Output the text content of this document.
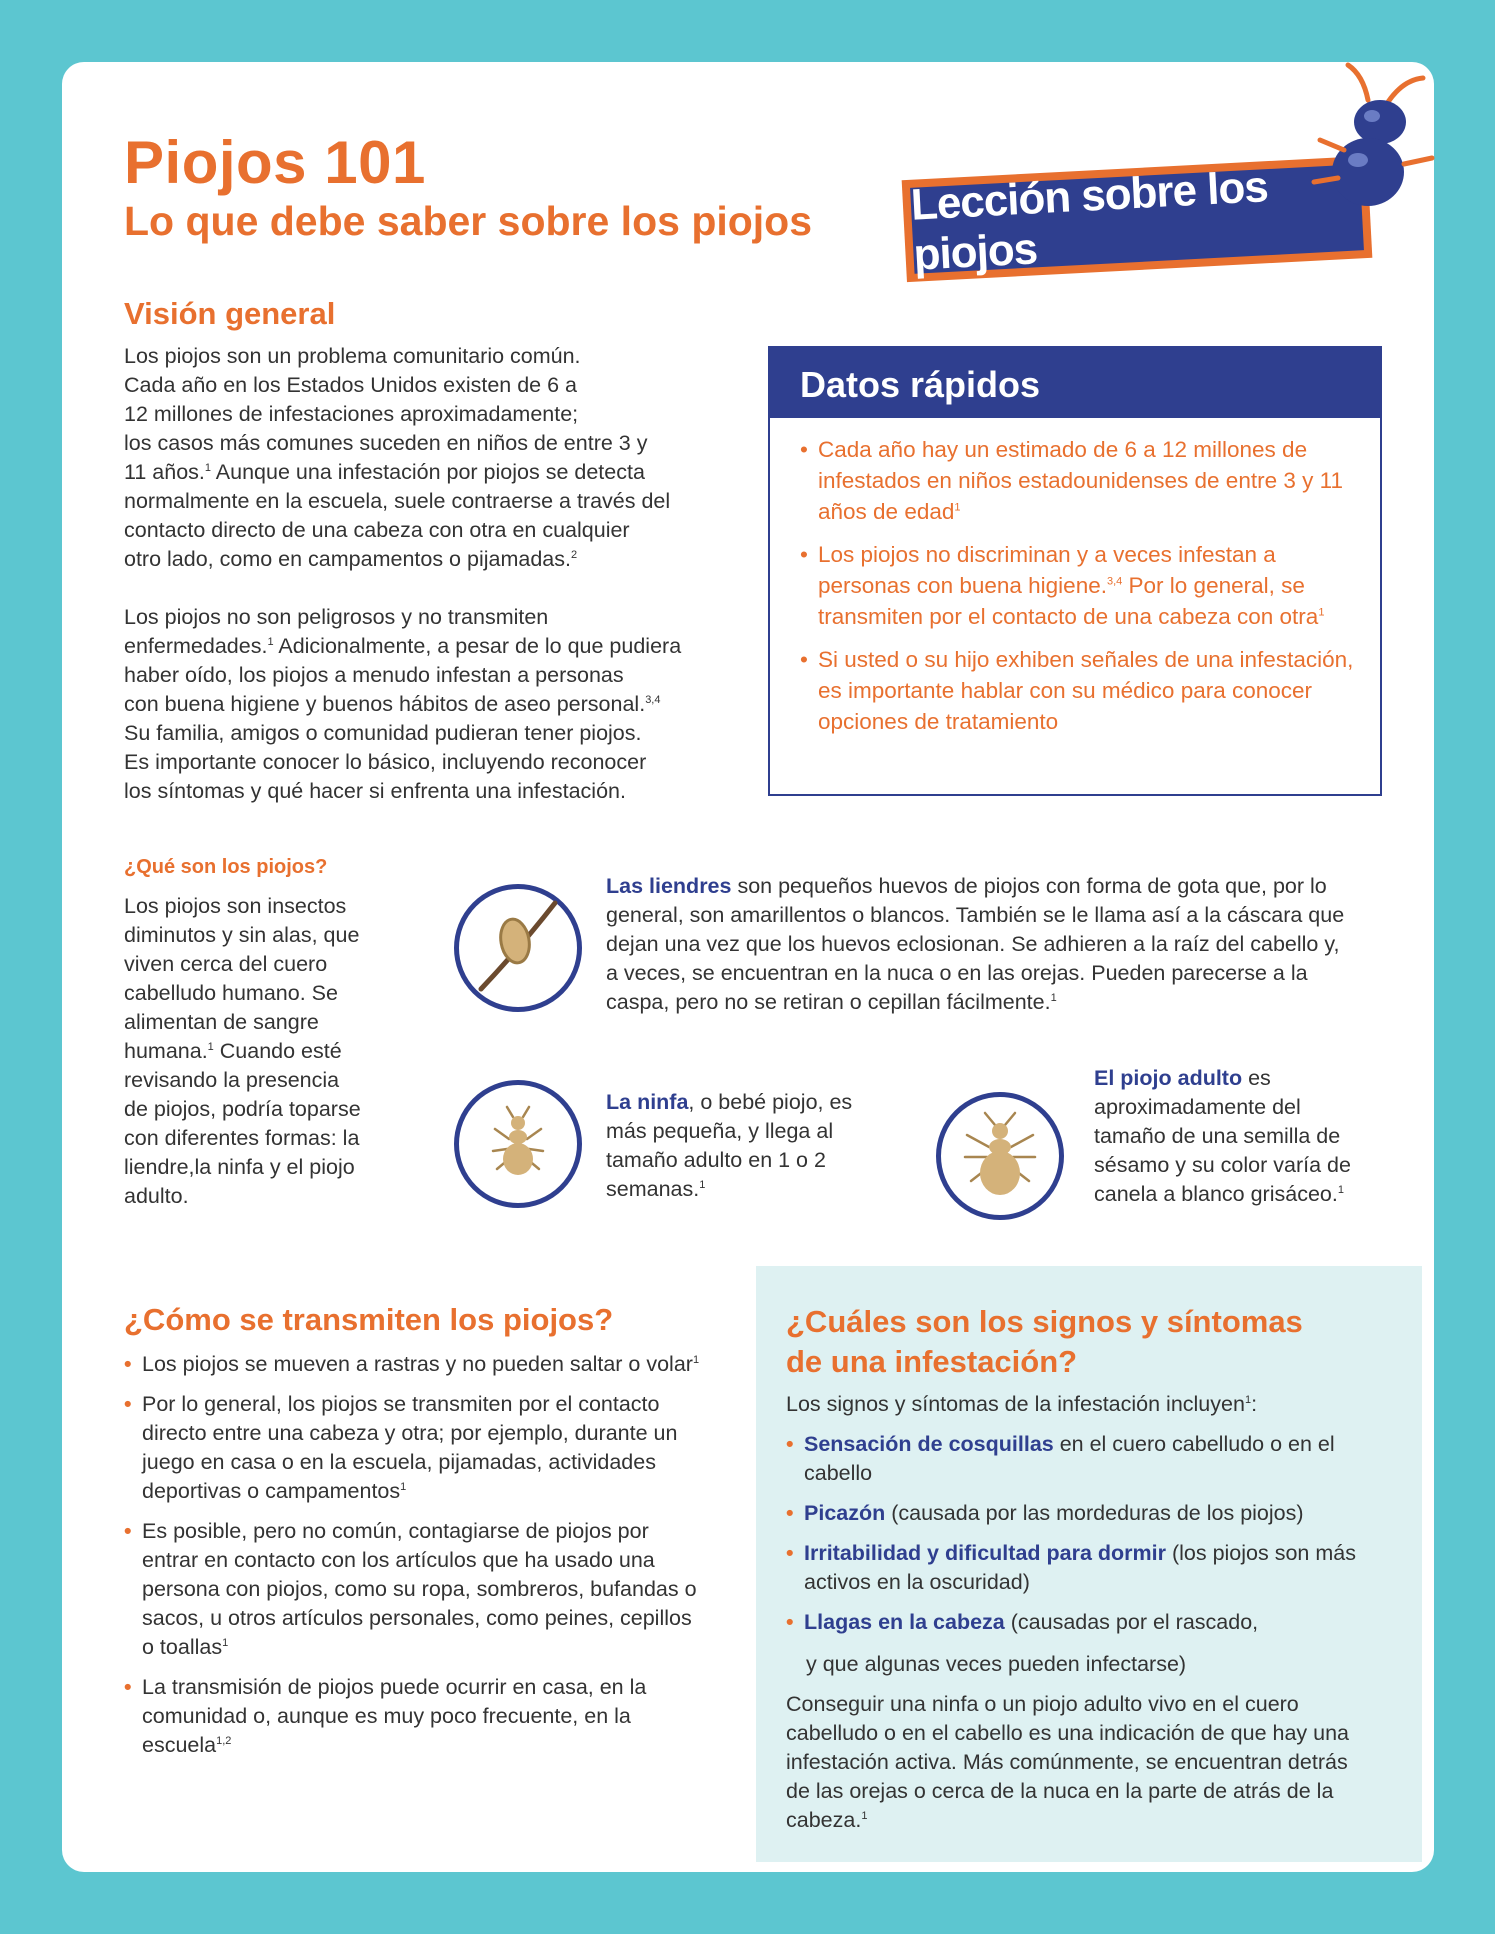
Piojos 101
Lo que debe saber sobre los piojos Lección sobre los piojos
Visión general

Los piojos son un problema comunitario común.
Cada año en los Estados Unidos existen de 6 a
12 millones de infestaciones aproximadamente;
los casos más comunes suceden en niños de entre 3 y
11 años.$^1$ Aunque una infestación por piojos se detecta
normalmente en la escuela, suele contraerse a través del
contacto directo de una cabeza con otra en cualquier
otro lado, como en campamentos o pijamadas.$^2$

Los piojos no son peligrosos y no transmiten
enfermedades.$^1$ Adicionalmente, a pesar de lo que pudiera
haber oído, los piojos a menudo infestan a personas
con buena higiene y buenos hábitos de aseo personal.$^{3,4}$
Su familia, amigos o comunidad pudieran tener piojos.
Es importante conocer lo básico, incluyendo reconocer
los síntomas y qué hacer si enfrenta una infestación.

Datos rápidos
• Cada año hay un estimado de 6 a 12 millones de infestados en niños estadounidenses de entre 3 y 11 años de edad$^1$
• Los piojos no discriminan y a veces infestan a personas con buena higiene.$^{3,4}$ Por lo general, se transmiten por el contacto de una cabeza con otra$^1$
• Si usted o su hijo exhiben señales de una infestación, es importante hablar con su médico para conocer opciones de tratamiento
¿Qué son los piojos?
Los piojos son insectos
diminutos y sin alas, que
viven cerca del cuero
cabelludo humano. Se
alimentan de sangre
humana.$^1$ Cuando esté
revisando la presencia
de piojos, podría toparse
con diferentes formas: la
liendre,la ninfa y el piojo
adulto.
Las liendres son pequeños huevos de piojos con forma de gota que, por lo general, son amarillentos o blancos. También se le llama así a la cáscara que dejan una vez que los huevos eclosionan. Se adhieren a la raíz del cabello y, a veces, se encuentran en la nuca o en las orejas. Pueden parecerse a la caspa, pero no se retiran o cepillan fácilmente.$^1$
La ninfa, o bebé piojo, es más pequeña, y llega al tamaño adulto en 1 o 2 semanas.$^1$
El piojo adulto es aproximadamente del tamaño de una semilla de sésamo y su color varía de canela a blanco grisáceo.$^1$
¿Cómo se transmiten los piojos?
• Los piojos se mueven a rastras y no pueden saltar o volar$^1$
• Por lo general, los piojos se transmiten por el contacto directo entre una cabeza y otra; por ejemplo, durante un juego en casa o en la escuela, pijamadas, actividades deportivas o campamentos$^1$
• Es posible, pero no común, contagiarse de piojos por entrar en contacto con los artículos que ha usado una persona con piojos, como su ropa, sombreros, bufandas o sacos, u otros artículos personales, como peines, cepillos o toallas$^1$
• La transmisión de piojos puede ocurrir en casa, en la comunidad o, aunque es muy poco frecuente, en la escuela$^{1,2}$
¿Cuáles son los signos y síntomas
de una infestación?
Los signos y síntomas de la infestación incluyen$^1$:
• Sensación de cosquillas en el cuero cabelludo o en el cabello
• Picazón (causada por las mordeduras de los piojos)
• Irritabilidad y dificultad para dormir (los piojos son más activos en la oscuridad)
• Llagas en la cabeza (causadas por el rascado,
y que algunas veces pueden infectarse)
Conseguir una ninfa o un piojo adulto vivo en el cuero cabelludo o en el cabello es una indicación de que hay una infestación activa. Más comúnmente, se encuentran detrás de las orejas o cerca de la nuca en la parte de atrás de la cabeza.$^1$
